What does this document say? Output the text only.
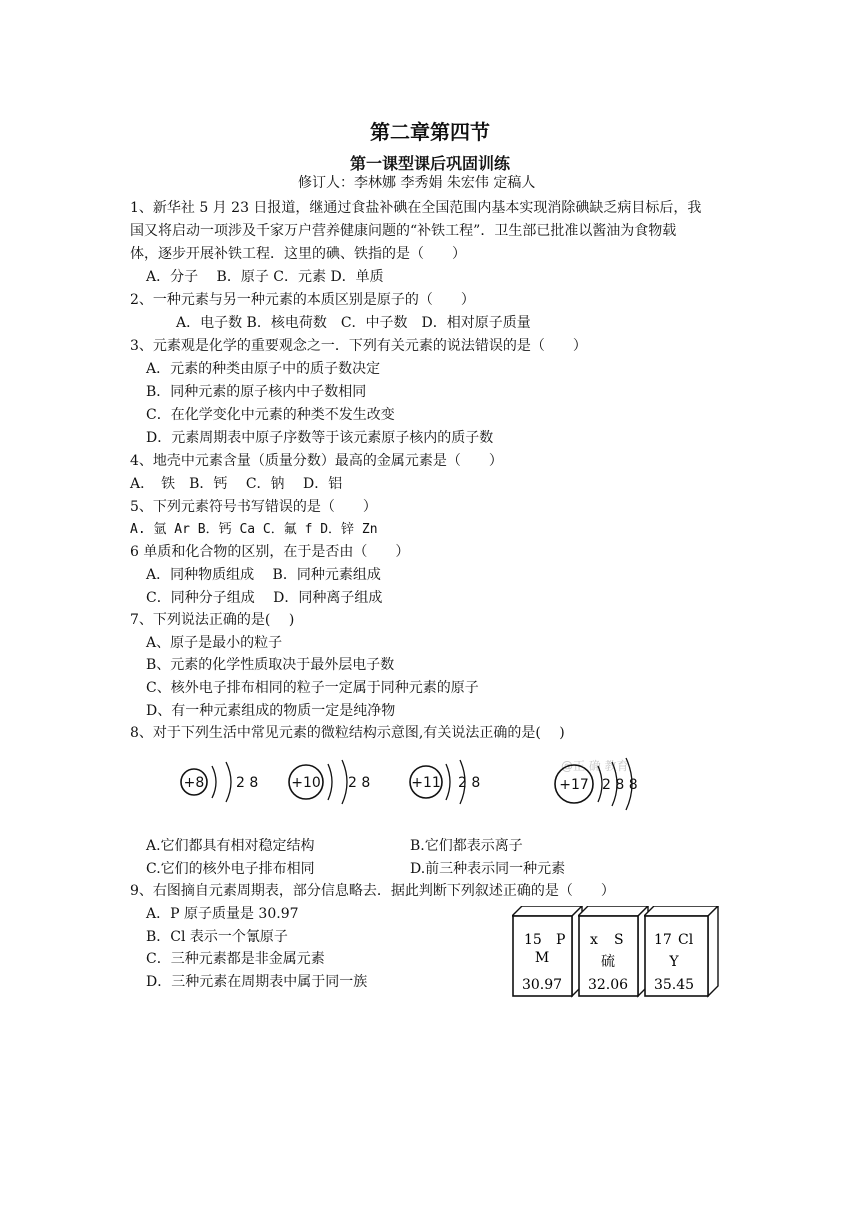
第二章第四节
第一课型课后巩固训练
修订人：李林娜 李秀娟 朱宏伟 定稿人
1、新华社 5 月 23 日报道，继通过食盐补碘在全国范围内基本实现消除碘缺乏病目标后，我
国又将启动一项涉及千家万户营养健康问题的“补铁工程”．卫生部已批准以酱油为食物载
体，逐步开展补铁工程．这里的碘、铁指的是（　　）
A．分子　 B．原子 C．元素 D．单质
2、一种元素与另一种元素的本质区别是原子的（　　）
A．电子数 B．核电荷数　C．中子数　D．相对原子质量
3、元素观是化学的重要观念之一．下列有关元素的说法错误的是（　　）
A．元素的种类由原子中的质子数决定
B．同种元素的原子核内中子数相同
C．在化学变化中元素的种类不发生改变
D．元素周期表中原子序数等于该元素原子核内的质子数
4、地壳中元素含量（质量分数）最高的金属元素是（　　）
A．　铁　B．钙　 C．钠　 D．铝
5、下列元素符号书写错误的是（　　）
A. 氩 Ar B．钙 Ca C．氟 f D．锌 Zn
6 单质和化合物的区别，在于是否由（　　）
A．同种物质组成　 B．同种元素组成
C．同种分子组成　 D．同种离子组成
7、下列说法正确的是(　 )
A、原子是最小的粒子
B、元素的化学性质取决于最外层电子数
C、核外电子排布相同的粒子一定属于同种元素的原子
D、有一种元素组成的物质一定是纯净物
8、对于下列生活中常见元素的微粒结构示意图,有关说法正确的是(　 )
@正 确 教育
+8 2 8 +10 2 8	+11 2 8	+17 2 8 8
A.它们都具有相对稳定结构	B.它们都表示离子
C.它们的核外电子排布相同	D.前三种表示同一种元素
9、右图摘自元素周期表，部分信息略去．据此判断下列叙述正确的是（　　）
A．P 原子质量是 30.97
B．Cl 表示一个氰原子
C．三种元素都是非金属元素
D．三种元素在周期表中属于同一族
15 P
M
30.97
x S
硫
32.06
17 Cl
Y
35.45
